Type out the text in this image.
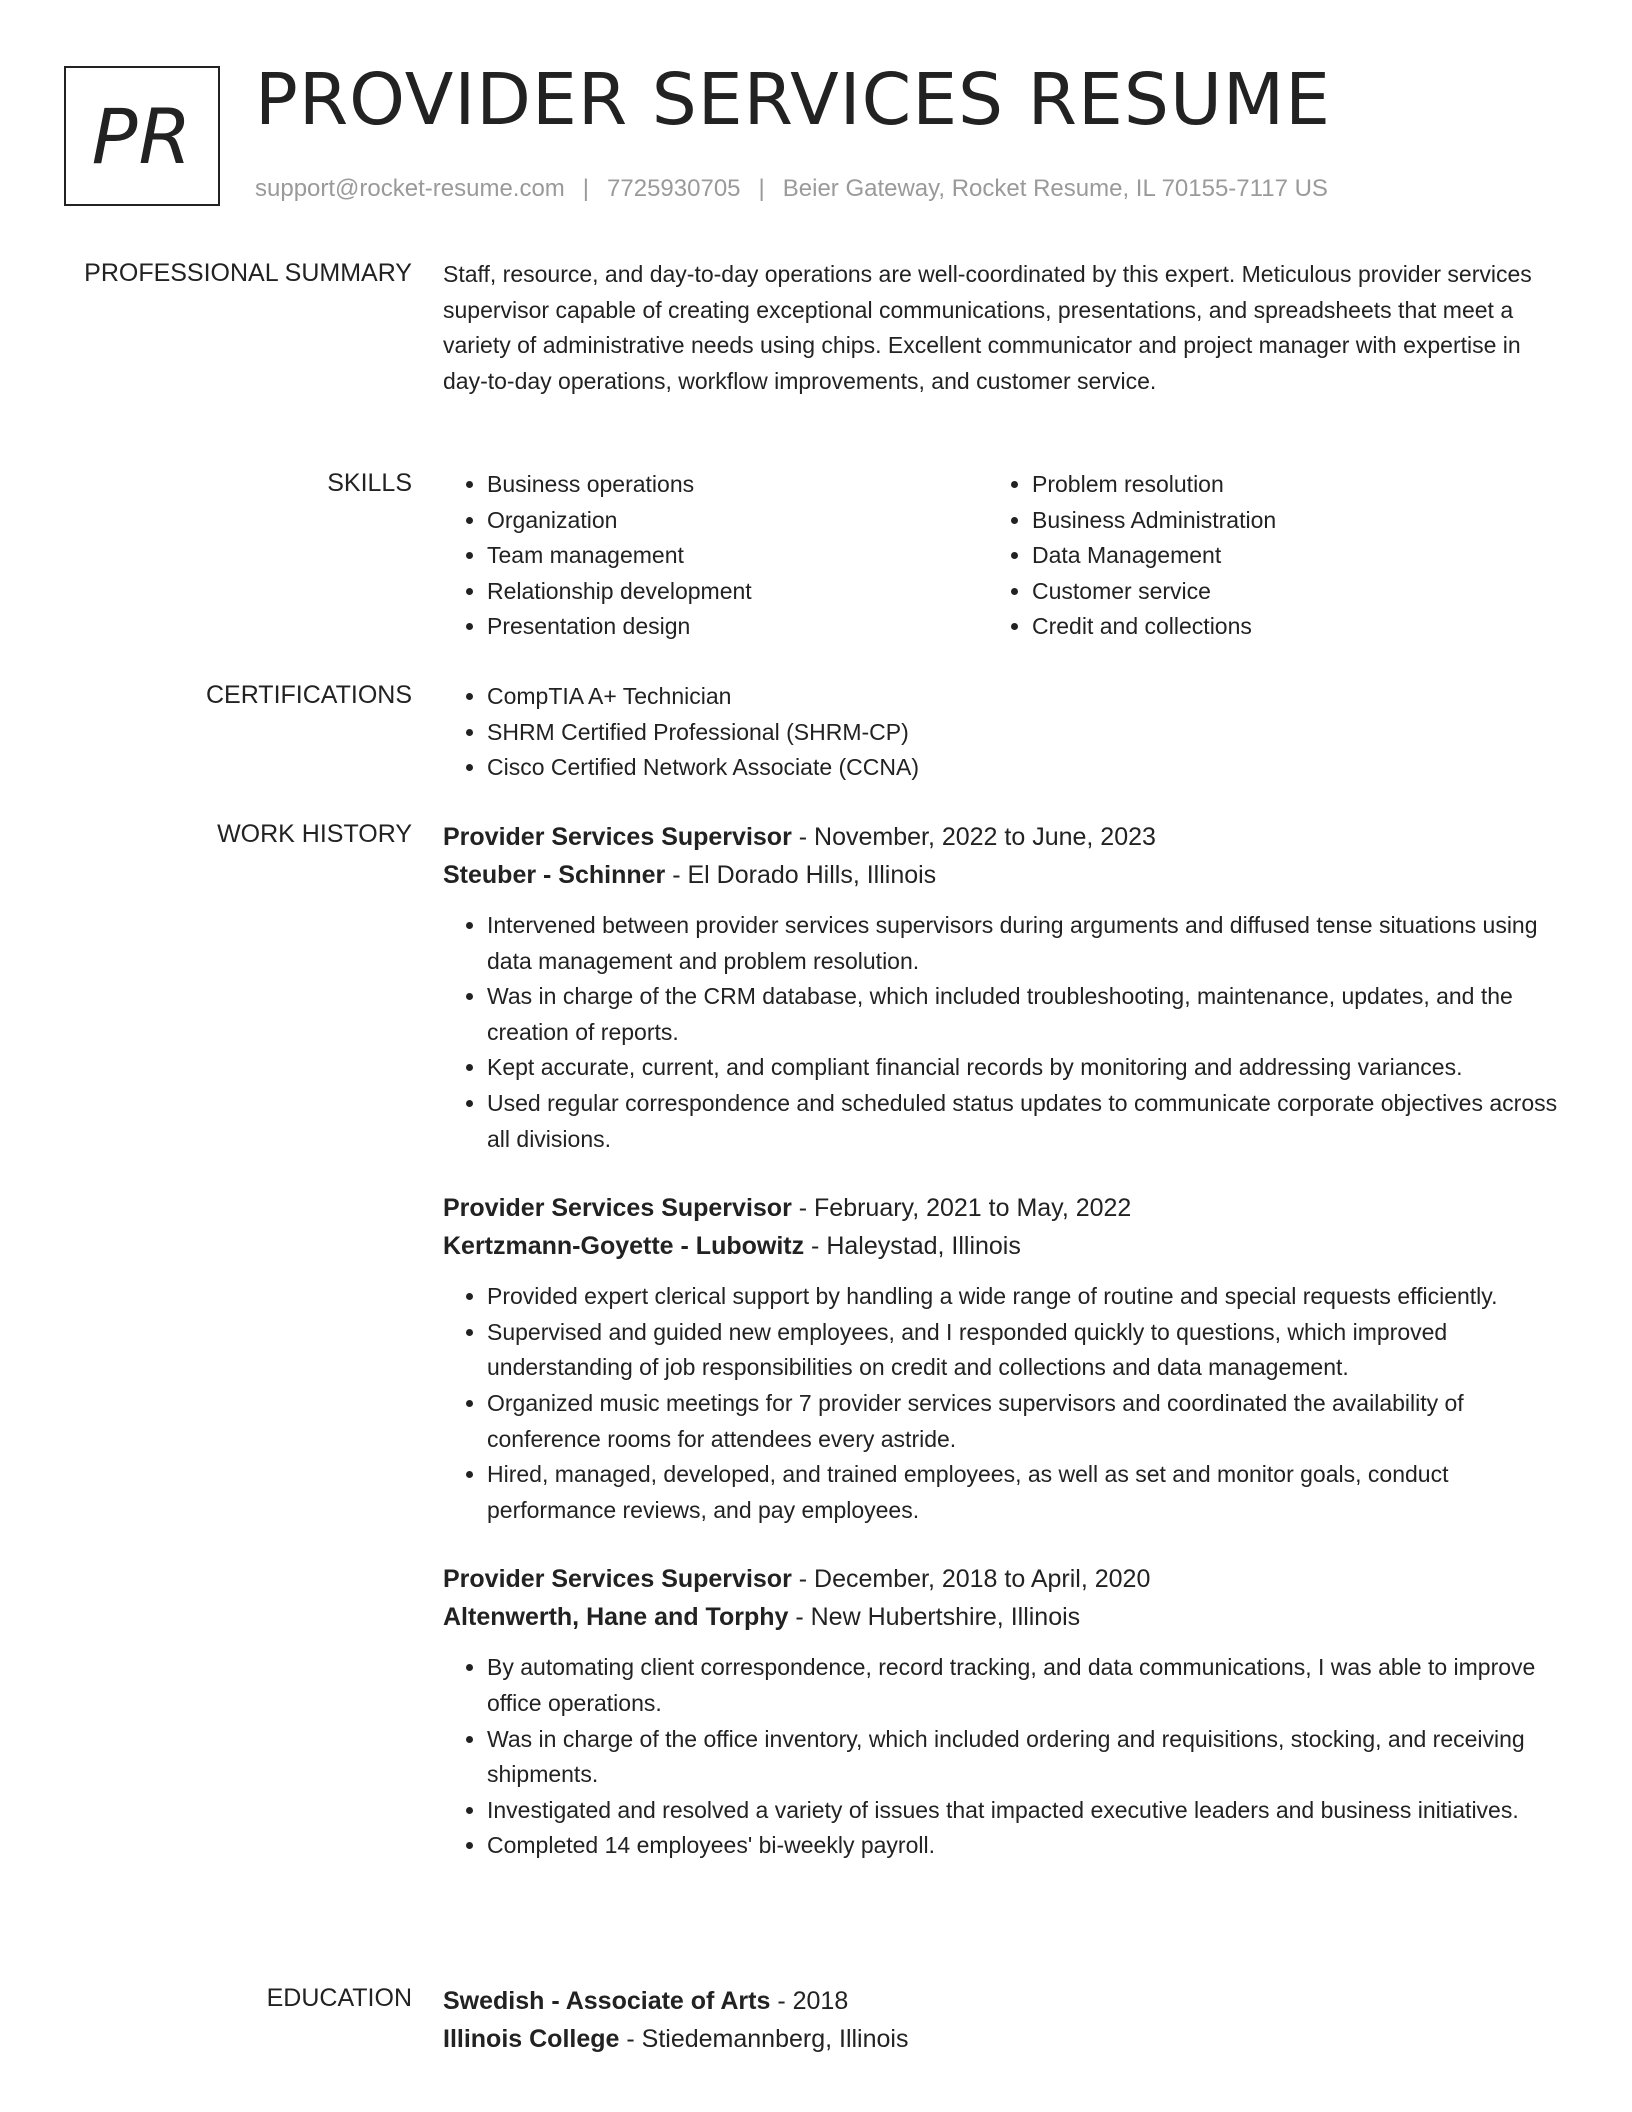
PR PROVIDER SERVICES RESUME
support@rocket-resume.com | 7725930705 | Beier Gateway, Rocket Resume, IL 70155-7117 US
PROFESSIONAL SUMMARY Staff, resource, and day-to-day operations are well-coordinated by this expert. Meticulous provider services supervisor capable of creating exceptional communications, presentations, and spreadsheets that meet a variety of administrative needs using chips. Excellent communicator and project manager with expertise in day-to-day operations, workflow improvements, and customer service.

SKILLS	• Business operations
• Organization
• Team management
• Relationship development
• Presentation design
• Problem resolution
• Business Administration
• Data Management
• Customer service
• Credit and collections
CERTIFICATIONS	• CompTIA A+ Technician
• SHRM Certified Professional (SHRM-CP)
• Cisco Certified Network Associate (CCNA)
WORK HISTORY Provider Services Supervisor - November, 2022 to June, 2023
Steuber - Schinner - El Dorado Hills, Illinois
• Intervened between provider services supervisors during arguments and diffused tense situations using data management and problem resolution.
• Was in charge of the CRM database, which included troubleshooting, maintenance, updates, and the creation of reports.
• Kept accurate, current, and compliant financial records by monitoring and addressing variances.
• Used regular correspondence and scheduled status updates to communicate corporate objectives across all divisions.
Provider Services Supervisor - February, 2021 to May, 2022
Kertzmann-Goyette - Lubowitz - Haleystad, Illinois
• Provided expert clerical support by handling a wide range of routine and special requests efficiently.
• Supervised and guided new employees, and I responded quickly to questions, which improved understanding of job responsibilities on credit and collections and data management.
• Organized music meetings for 7 provider services supervisors and coordinated the availability of conference rooms for attendees every astride.
• Hired, managed, developed, and trained employees, as well as set and monitor goals, conduct performance reviews, and pay employees.
Provider Services Supervisor - December, 2018 to April, 2020
Altenwerth, Hane and Torphy - New Hubertshire, Illinois
• By automating client correspondence, record tracking, and data communications, I was able to improve office operations.
• Was in charge of the office inventory, which included ordering and requisitions, stocking, and receiving shipments.
• Investigated and resolved a variety of issues that impacted executive leaders and business initiatives.
• Completed 14 employees' bi-weekly payroll.
EDUCATION Swedish - Associate of Arts - 2018
Illinois College - Stiedemannberg, Illinois
